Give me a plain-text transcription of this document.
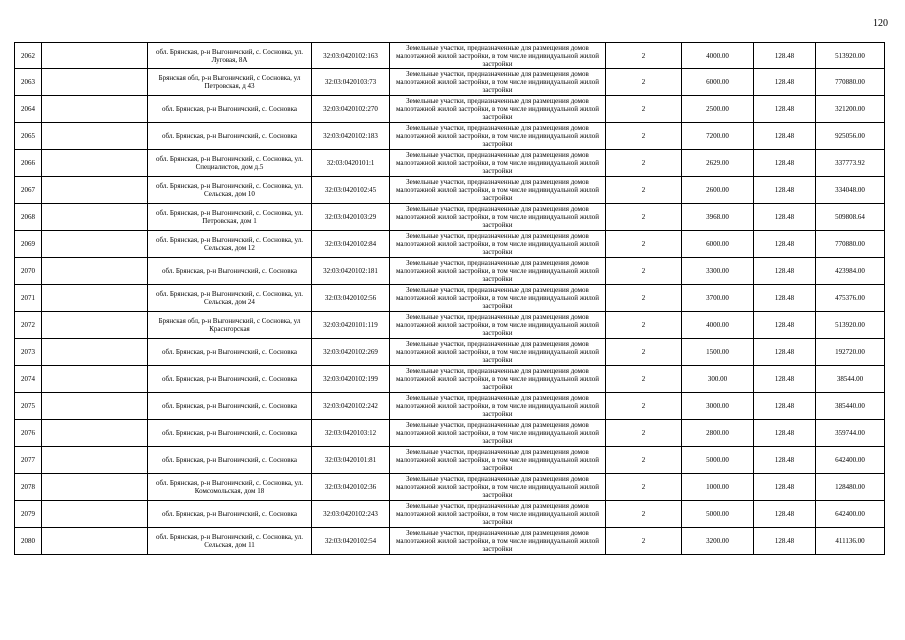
120
2062		обл. Брянская, р-н Выгоничский, с. Сосновка, ул. Луговая, 8А	32:03:0420102:163	Земельные участки, предназначенные для размещения домов малоэтажной жилой застройки, в том числе индивидуальной жилой застройки	2	4000.00	128.48	513920.00
2063		Брянская обл, р-н Выгоничский, с Сосновка, ул Петровская, д 43	32:03:0420103:73	Земельные участки, предназначенные для размещения домов малоэтажной жилой застройки, в том числе индивидуальной жилой застройки	2	6000.00	128.48	770880.00
2064		обл. Брянская, р-н Выгоничский, с. Сосновка	32:03:0420102:270	Земельные участки, предназначенные для размещения домов малоэтажной жилой застройки, в том числе индивидуальной жилой застройки	2	2500.00	128.48	321200.00
2065		обл. Брянская, р-н Выгоничский, с. Сосновка	32:03:0420102:183	Земельные участки, предназначенные для размещения домов малоэтажной жилой застройки, в том числе индивидуальной жилой застройки	2	7200.00	128.48	925056.00
2066		обл. Брянская, р-н Выгоничский, с. Сосновка, ул. Специалистов, дом д.5	32:03:0420101:1	Земельные участки, предназначенные для размещения домов малоэтажной жилой застройки, в том числе индивидуальной жилой застройки	2	2629.00	128.48	337773.92
2067		обл. Брянская, р-н Выгоничский, с. Сосновка, ул. Сельская, дом 10	32:03:0420102:45	Земельные участки, предназначенные для размещения домов малоэтажной жилой застройки, в том числе индивидуальной жилой застройки	2	2600.00	128.48	334048.00
2068		обл. Брянская, р-н Выгоничский, с. Сосновка, ул. Петровская, дом 1	32:03:0420103:29	Земельные участки, предназначенные для размещения домов малоэтажной жилой застройки, в том числе индивидуальной жилой застройки	2	3968.00	128.48	509808.64
2069		обл. Брянская, р-н Выгоничский, с. Сосновка, ул. Сельская, дом 12	32:03:0420102:84	Земельные участки, предназначенные для размещения домов малоэтажной жилой застройки, в том числе индивидуальной жилой застройки	2	6000.00	128.48	770880.00
2070		обл. Брянская, р-н Выгоничский, с. Сосновка	32:03:0420102:181	Земельные участки, предназначенные для размещения домов малоэтажной жилой застройки, в том числе индивидуальной жилой застройки	2	3300.00	128.48	423984.00
2071		обл. Брянская, р-н Выгоничский, с. Сосновка, ул. Сельская, дом 24	32:03:0420102:56	Земельные участки, предназначенные для размещения домов малоэтажной жилой застройки, в том числе индивидуальной жилой застройки	2	3700.00	128.48	475376.00
2072		Брянская обл, р-н Выгоничский, с Сосновка, ул Краснгорская	32:03:0420101:119	Земельные участки, предназначенные для размещения домов малоэтажной жилой застройки, в том числе индивидуальной жилой застройки	2	4000.00	128.48	513920.00
2073		обл. Брянская, р-н Выгоничский, с. Сосновка	32:03:0420102:269	Земельные участки, предназначенные для размещения домов малоэтажной жилой застройки, в том числе индивидуальной жилой застройки	2	1500.00	128.48	192720.00
2074		обл. Брянская, р-н Выгоничский, с. Сосновка	32:03:0420102:199	Земельные участки, предназначенные для размещения домов малоэтажной жилой застройки, в том числе индивидуальной жилой застройки	2	300.00	128.48	38544.00
2075		обл. Брянская, р-н Выгоничский, с. Сосновка	32:03:0420102:242	Земельные участки, предназначенные для размещения домов малоэтажной жилой застройки, в том числе индивидуальной жилой застройки	2	3000.00	128.48	385440.00
2076		обл. Брянская, р-н Выгоничский, с. Сосновка	32:03:0420103:12	Земельные участки, предназначенные для размещения домов малоэтажной жилой застройки, в том числе индивидуальной жилой застройки	2	2800.00	128.48	359744.00
2077		обл. Брянская, р-н Выгоничский, с. Сосновка	32:03:0420101:81	Земельные участки, предназначенные для размещения домов малоэтажной жилой застройки, в том числе индивидуальной жилой застройки	2	5000.00	128.48	642400.00
2078		обл. Брянская, р-н Выгоничский, с. Сосновка, ул. Комсомольская, дом 18	32:03:0420102:36	Земельные участки, предназначенные для размещения домов малоэтажной жилой застройки, в том числе индивидуальной жилой застройки	2	1000.00	128.48	128480.00
2079		обл. Брянская, р-н Выгоничский, с. Сосновка	32:03:0420102:243	Земельные участки, предназначенные для размещения домов малоэтажной жилой застройки, в том числе индивидуальной жилой застройки	2	5000.00	128.48	642400.00
2080		обл. Брянская, р-н Выгоничский, с. Сосновка, ул. Сельская, дом 11	32:03:0420102:54	Земельные участки, предназначенные для размещения домов малоэтажной жилой застройки, в том числе индивидуальной жилой застройки	2	3200.00	128.48	411136.00
